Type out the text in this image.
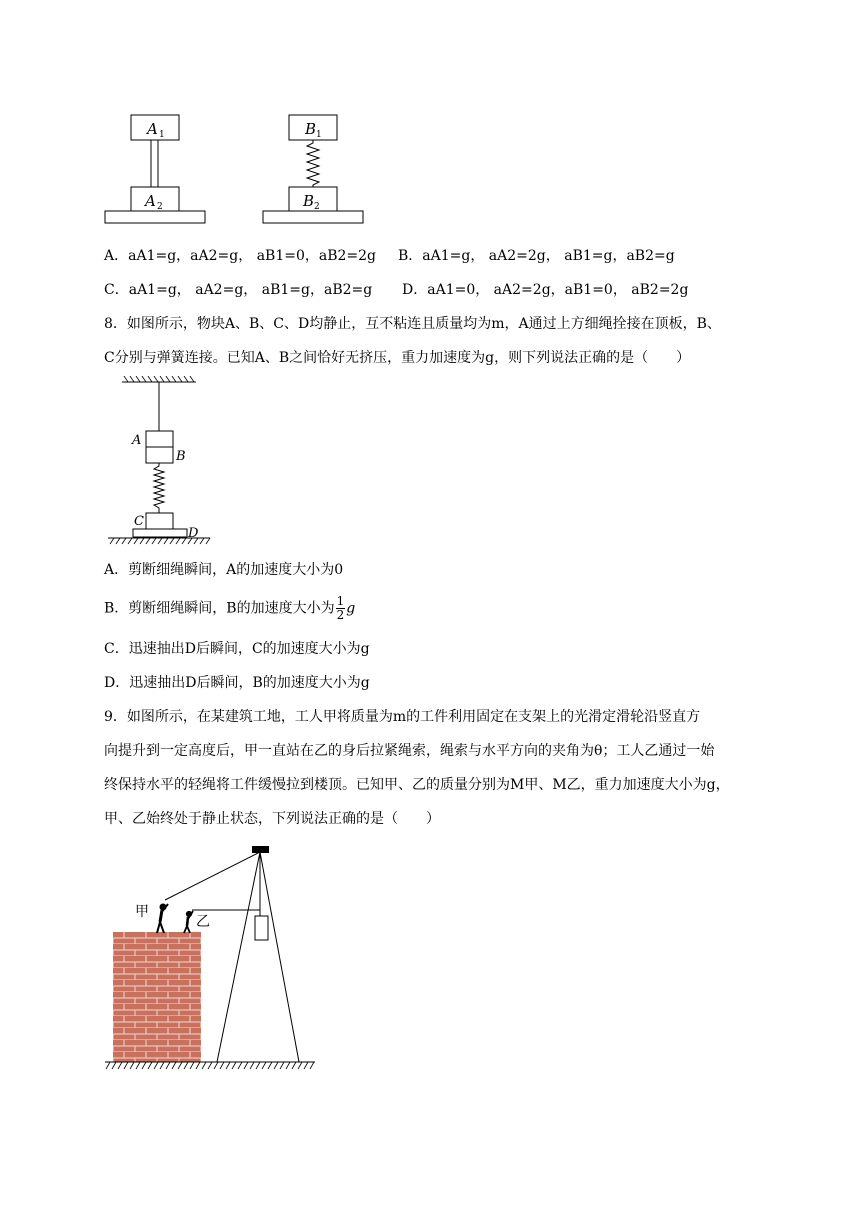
A 1
A 2
B 1
B 2
A．aA1=g，aA2=g， aB1=0，aB2=2g B．aA1=g， aA2=2g， aB1=g，aB2=g
C．aA1=g， aA2=g， aB1=g，aB2=g D．aA1=0， aA2=2g，aB1=0， aB2=2g
8．如图所示，物块A、B、C、D均静止，互不粘连且质量均为m，A通过上方细绳拴接在顶板，B、
C分别与弹簧连接。已知A、B之间恰好无挤压，重力加速度为g，则下列说法正确的是（　　）
A
B
C
D
A．剪断细绳瞬间，A的加速度大小为0
B．剪断细绳瞬间，B的加速度大小为 $\frac{1}{2}$ g
C．迅速抽出D后瞬间，C的加速度大小为g
D．迅速抽出D后瞬间，B的加速度大小为g
9．如图所示，在某建筑工地，工人甲将质量为m的工件利用固定在支架上的光滑定滑轮沿竖直方
向提升到一定高度后，甲一直站在乙的身后拉紧绳索，绳索与水平方向的夹角为θ；工人乙通过一始
终保持水平的轻绳将工件缓慢拉到楼顶。已知甲、乙的质量分别为M甲、M乙，重力加速度大小为g，
甲、乙始终处于静止状态，下列说法正确的是（　　）
甲
乙
